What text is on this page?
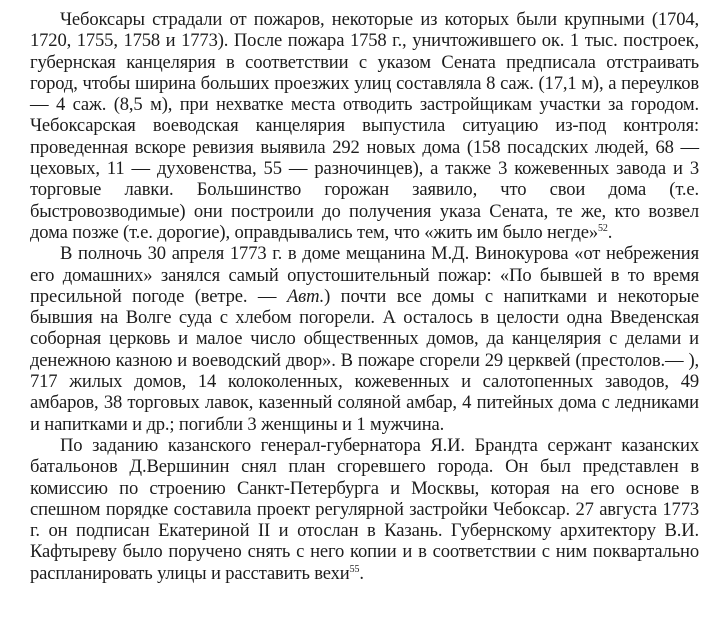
Чебоксары страдали от пожаров, некоторые из которых были крупными (1704, 1720, 1755, 1758 и 1773). После пожара 1758 г., уничтожившего ок. 1 тыс. построек, губернская канцелярия в соответствии с указом Сената предписала отстраивать город, чтобы ширина больших проезжих улиц составляла 8 саж. (17,1 м), а переулков — 4 саж. (8,5 м), при нехватке места отводить застройщикам участки за городом. Чебоксарская воеводская канцелярия выпустила ситуацию из-под контроля: проведенная вскоре ревизия выявила 292 новых дома (158 посадских людей, 68 — цеховых, 11 — духовенства, 55 — разночинцев), а также 3 кожевенных завода и 3 торговые лавки. Большинство горожан заявило, что свои дома (т.е. быстровозводимые) они построили до получения указа Сената, те же, кто возвел дома позже (т.е. дорогие), оправдывались тем, что «жить им было негде»$^{52}$.

В полночь 30 апреля 1773 г. в доме мещанина М.Д. Винокурова «от небрежения его домашних» занялся самый опустошительный пожар: «По бывшей в то время пресильной погоде (ветре. — Авт.) почти все домы с напитками и некоторые бывшия на Волге суда с хлебом погорели. А осталось в целости одна Введенская соборная церковь и малое число общественных домов, да канцелярия с делами и денежною казною и воеводский двор». В пожаре сгорели 29 церквей (престолов.— ), 717 жилых домов, 14 колоколенных, кожевенных и салотопенных заводов, 49 амбаров, 38 торговых лавок, казенный соляной амбар, 4 питейных дома с ледниками и напитками и др.; погибли 3 женщины и 1 мужчина.

По заданию казанского генерал-губернатора Я.И. Брандта сержант казанских батальонов Д.Вершинин снял план сгоревшего города. Он был представлен в комиссию по строению Санкт-Петербурга и Москвы, которая на его основе в спешном порядке составила проект регулярной застройки Чебоксар. 27 августа 1773 г. он подписан Екатериной II и отослан в Казань. Губернскому архитектору В.И. Кафтыреву было поручено снять с него копии и в соответствии с ним поквартально распланировать улицы и расставить вехи$^{55}$.
